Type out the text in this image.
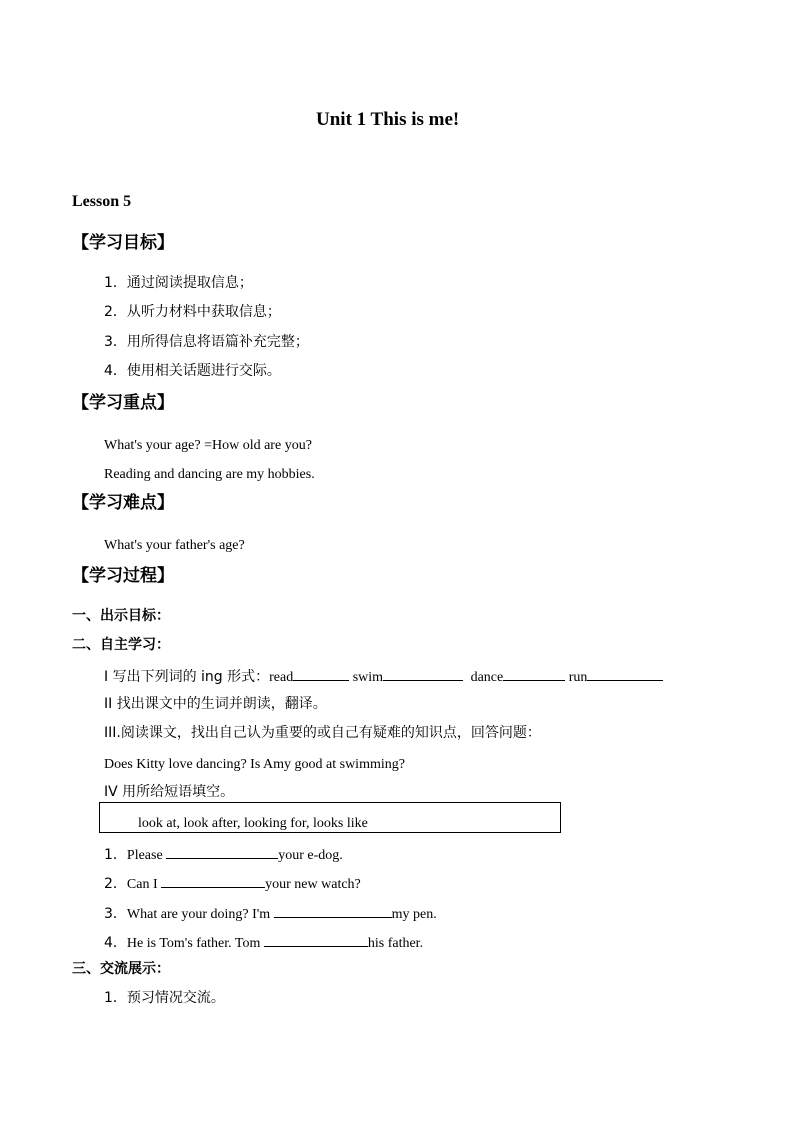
Unit 1 This is me!
Lesson 5
【学习目标】
1．通过阅读提取信息；
2．从听力材料中获取信息；
3．用所得信息将语篇补充完整；
4．使用相关话题进行交际。
【学习重点】
What's your age? =How old are you?
Reading and dancing are my hobbies.
【学习难点】
What's your father's age?
【学习过程】
一、出示目标：
二、自主学习：
I 写出下列词的 ing 形式：read	swim	dance	run
II 找出课文中的生词并朗读，翻译。
III.阅读课文，找出自己认为重要的或自己有疑难的知识点，回答问题：
Does Kitty love dancing? Is Amy good at swimming?
IV 用所给短语填空。
look at, look after, looking for, looks like
1．Please	your e-dog.
2．Can I	your new watch?
3．What are your doing? I'm	my pen.
4．He is Tom's father. Tom	his father.
三、交流展示：
1．预习情况交流。
